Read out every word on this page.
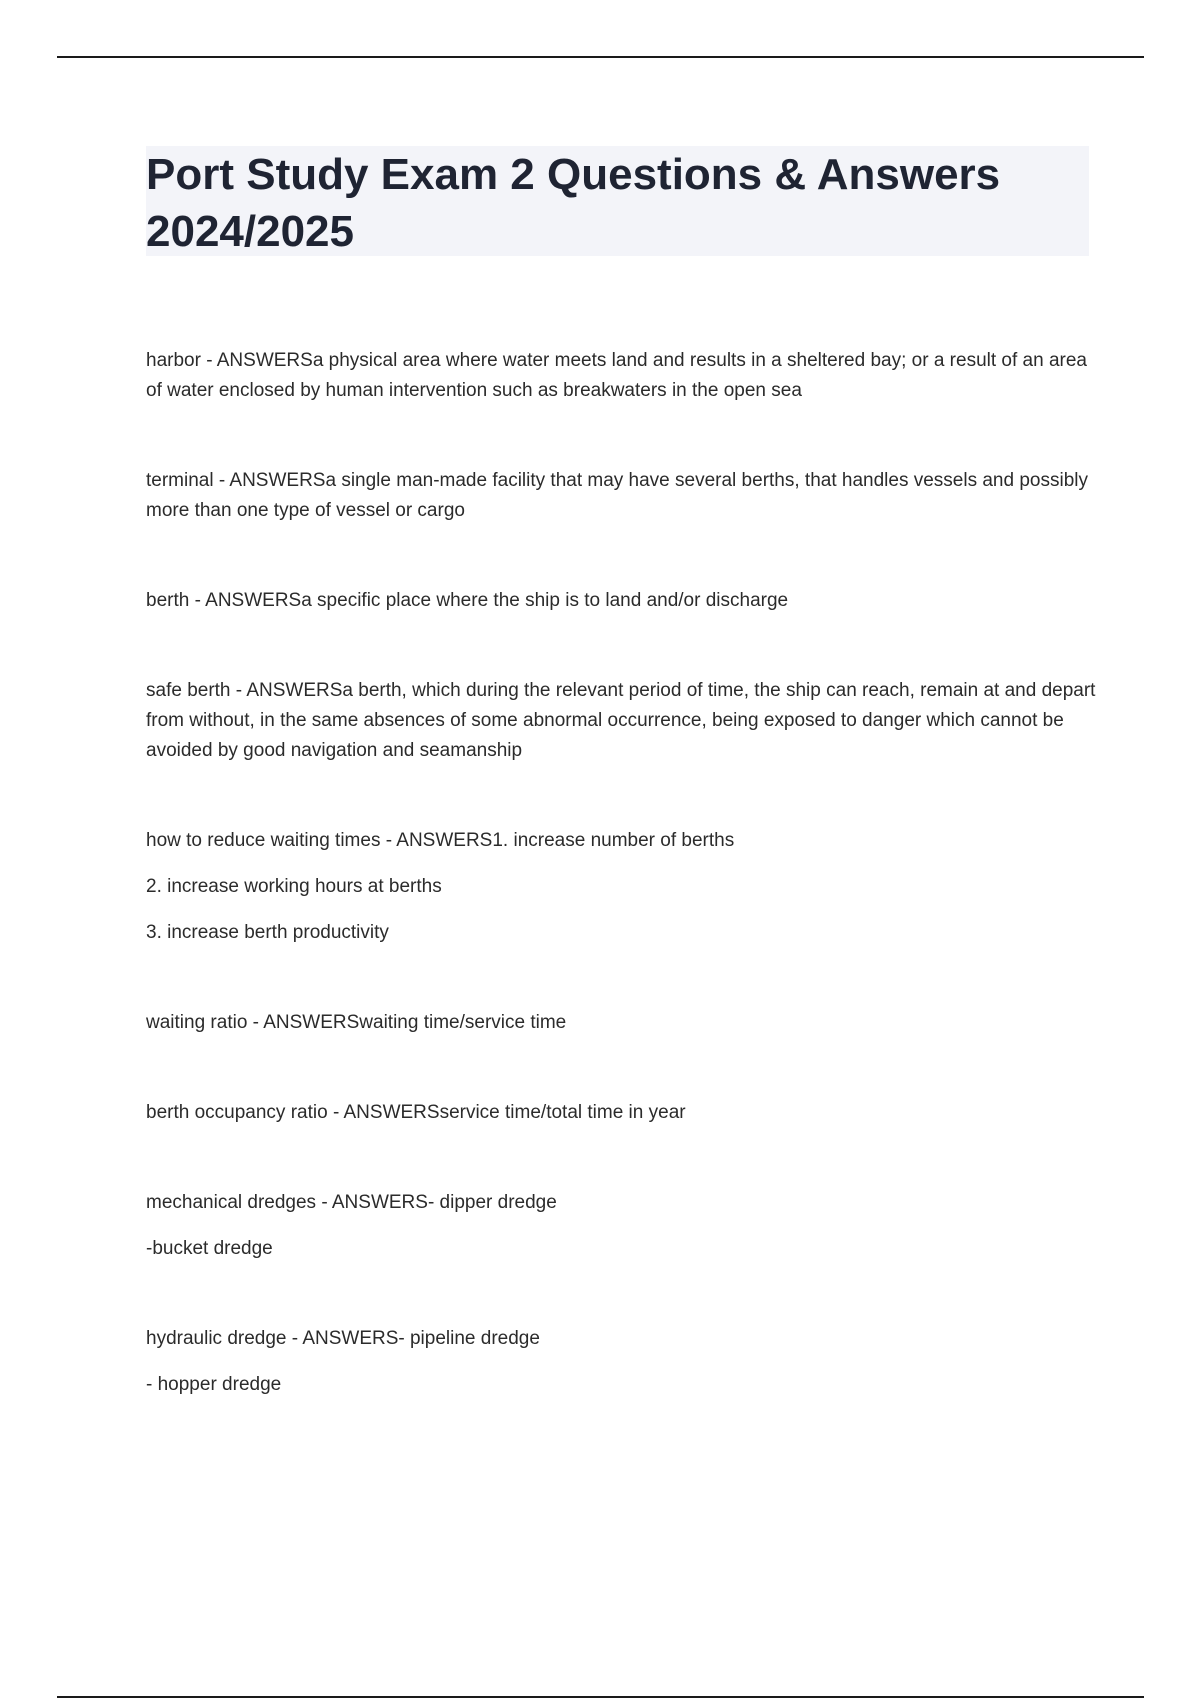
Port Study Exam 2 Questions & Answers
2024/2025

harbor - ANSWERSa physical area where water meets land and results in a sheltered bay; or a result of an area of water enclosed by human intervention such as breakwaters in the open sea

terminal - ANSWERSa single man-made facility that may have several berths, that handles vessels and possibly more than one type of vessel or cargo

berth - ANSWERSa specific place where the ship is to land and/or discharge

safe berth - ANSWERSa berth, which during the relevant period of time, the ship can reach, remain at and depart from without, in the same absences of some abnormal occurrence, being exposed to danger which cannot be avoided by good navigation and seamanship

how to reduce waiting times - ANSWERS1. increase number of berths

2. increase working hours at berths

3. increase berth productivity

waiting ratio - ANSWERSwaiting time/service time

berth occupancy ratio - ANSWERSservice time/total time in year

mechanical dredges - ANSWERS- dipper dredge

-bucket dredge

hydraulic dredge - ANSWERS- pipeline dredge

- hopper dredge
